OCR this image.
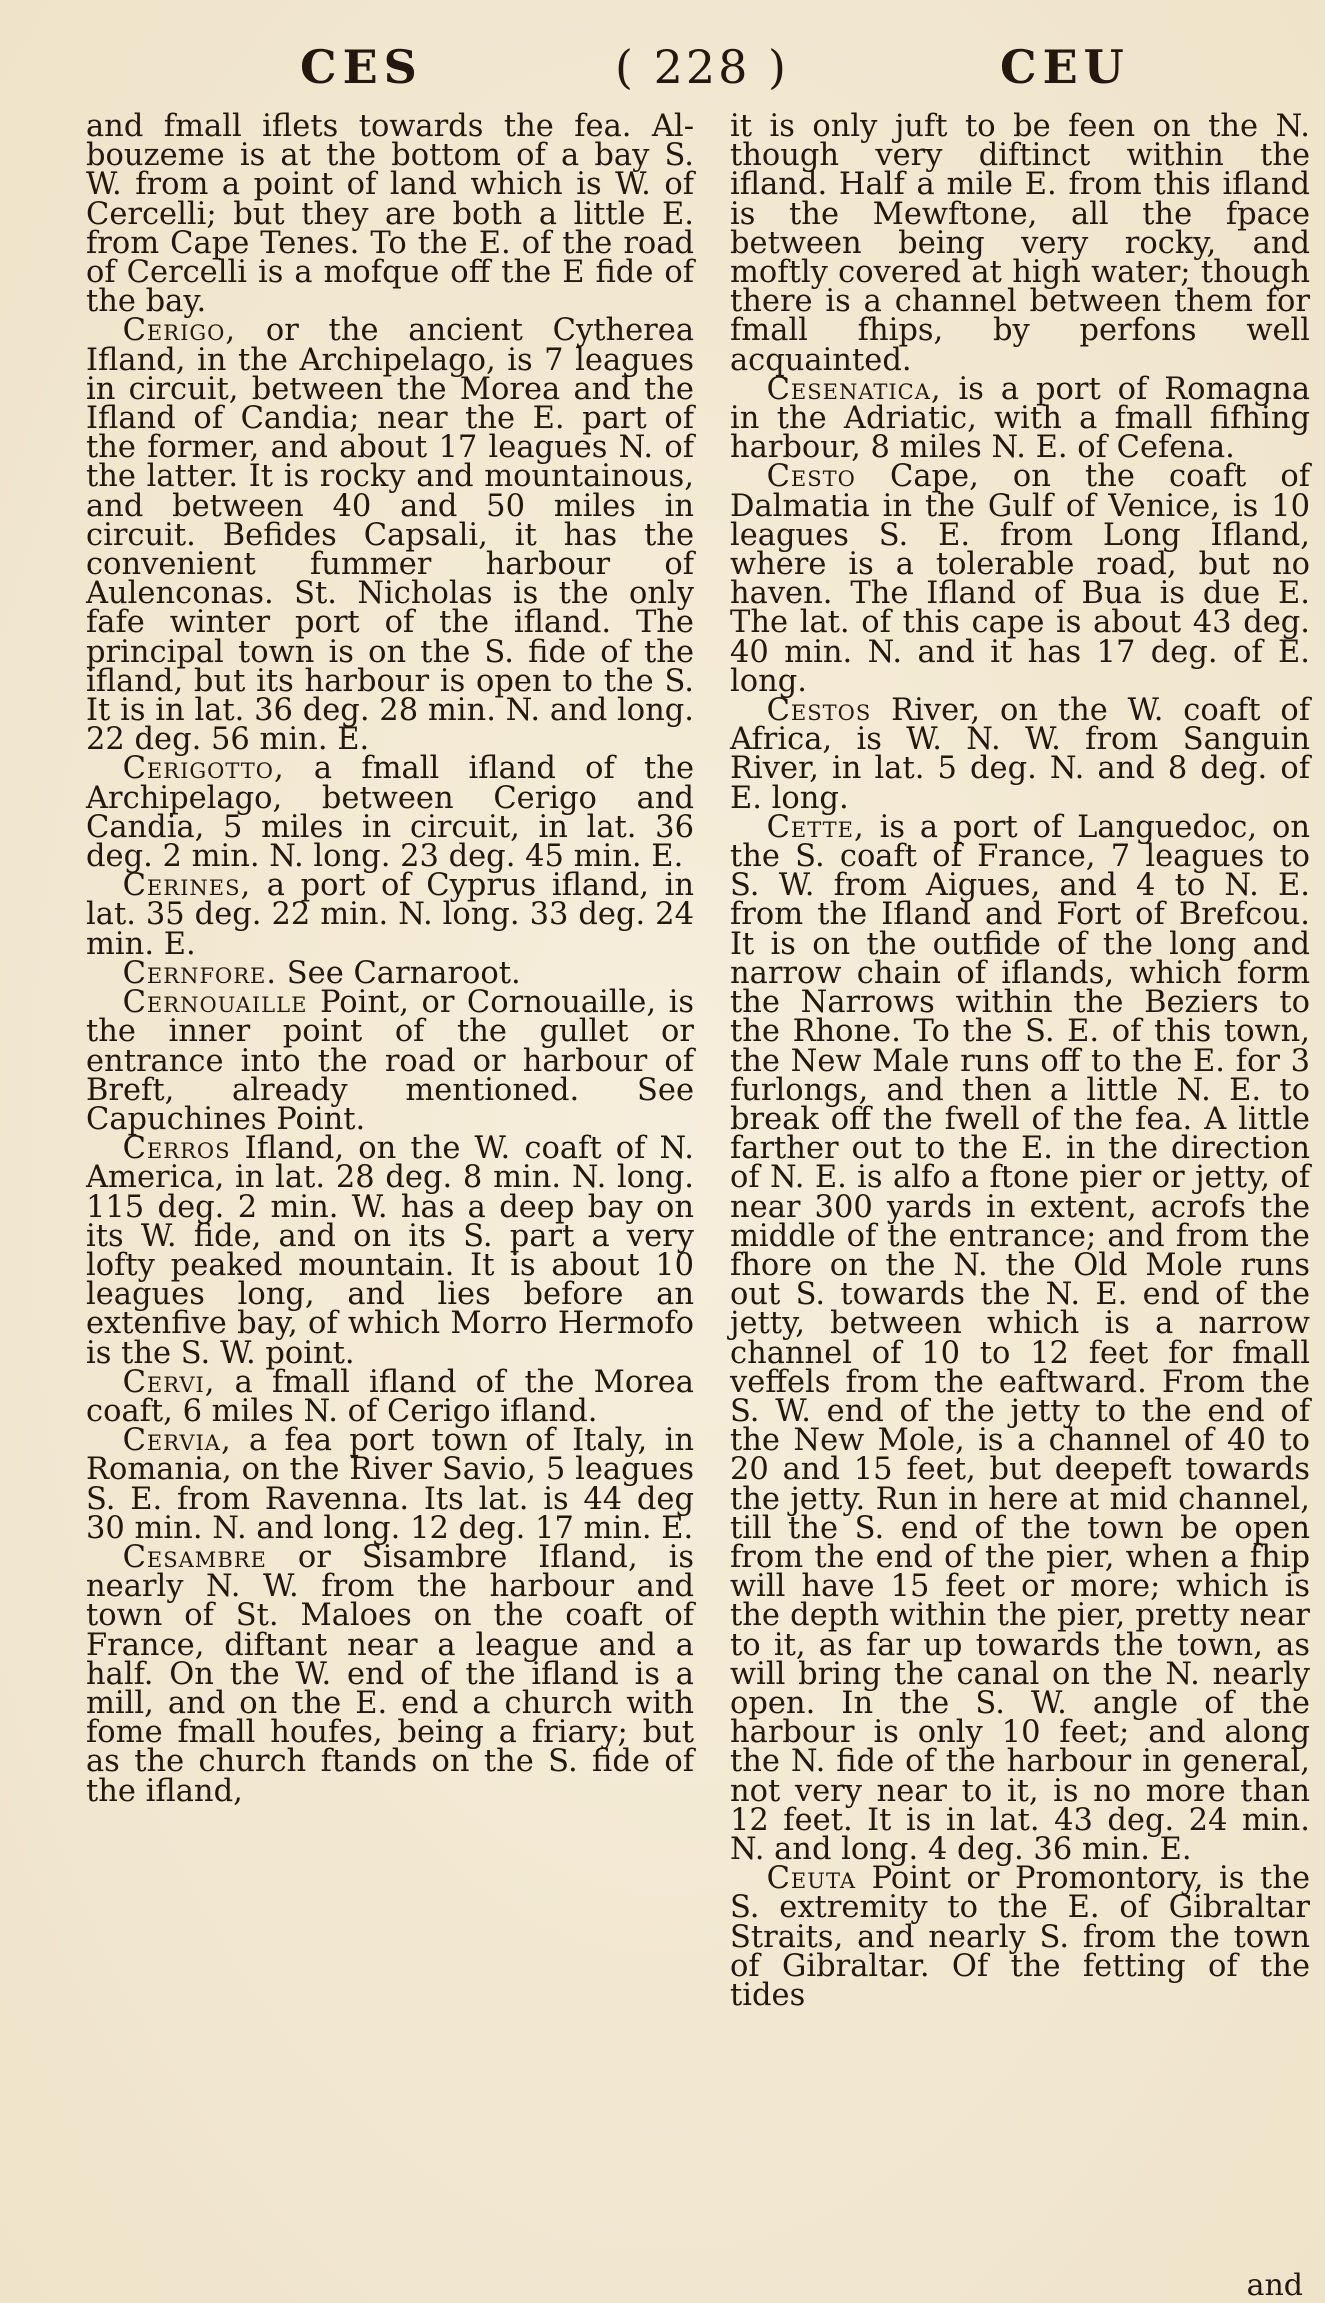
CES	( 228 )	CEU

and fmall iflets towards the fea. Al- bouzeme is at the bottom of a bay S. W. from a point of land which is W. of Cercelli; but they are both a little E. from Cape Tenes. To the E. of the road of Cercelli is a mofque off the E fide of the bay.

Cerigo, or the ancient Cytherea Ifland, in the Archipelago, is 7 leagues in circuit, between the Morea and the Ifland of Candia; near the E. part of the former, and about 17 leagues N. of the latter. It is rocky and mountainous, and between 40 and 50 miles in circuit. Befides Capsali, it has the convenient fummer harbour of Aulenconas. St. Nicholas is the only fafe winter port of the ifland. The principal town is on the S. fide of the ifland, but its harbour is open to the S. It is in lat. 36 deg. 28 min. N. and long. 22 deg. 56 min. E.

Cerigotto, a fmall ifland of the Archipelago, between Cerigo and Candia, 5 miles in circuit, in lat. 36 deg. 2 min. N. long. 23 deg. 45 min. E.

Cerines, a port of Cyprus ifland, in lat. 35 deg. 22 min. N. long. 33 deg. 24 min. E.

Cernfore. See Carnaroot.

Cernouaille Point, or Cornouaille, is the inner point of the gullet or entrance into the road or harbour of Breft, already mentioned. See Capuchines Point.

Cerros Ifland, on the W. coaft of N. America, in lat. 28 deg. 8 min. N. long. 115 deg. 2 min. W. has a deep bay on its W. fide, and on its S. part a very lofty peaked mountain. It is about 10 leagues long, and lies before an extenfive bay, of which Morro Hermofo is the S. W. point.

Cervi, a fmall ifland of the Morea coaft, 6 miles N. of Cerigo ifland.

Cervia, a fea port town of Italy, in Romania, on the River Savio, 5 leagues S. E. from Ravenna. Its lat. is 44 deg 30 min. N. and long. 12 deg. 17 min. E.

Cesambre or Sisambre Ifland, is nearly N. W. from the harbour and town of St. Maloes on the coaft of France, diftant near a league and a half. On the W. end of the ifland is a mill, and on the E. end a church with fome fmall houfes, being a friary; but as the church ftands on the S. fide of the ifland,

it is only juft to be feen on the N. though very diftinct within the ifland. Half a mile E. from this ifland is the Mewftone, all the fpace between being very rocky, and moftly covered at high water; though there is a channel between them for fmall fhips, by perfons well acquainted.

Cesenatica, is a port of Romagna in the Adriatic, with a fmall fifhing harbour, 8 miles N. E. of Cefena.

Cesto Cape, on the coaft of Dalmatia in the Gulf of Venice, is 10 leagues S. E. from Long Ifland, where is a tolerable road, but no haven. The Ifland of Bua is due E. The lat. of this cape is about 43 deg. 40 min. N. and it has 17 deg. of E. long.

Cestos River, on the W. coaft of Africa, is W. N. W. from Sanguin River, in lat. 5 deg. N. and 8 deg. of E. long.

Cette, is a port of Languedoc, on the S. coaft of France, 7 leagues to S. W. from Aigues, and 4 to N. E. from the Ifland and Fort of Brefcou. It is on the outfide of the long and narrow chain of iflands, which form the Narrows within the Beziers to the Rhone. To the S. E. of this town, the New Male runs off to the E. for 3 furlongs, and then a little N. E. to break off the fwell of the fea. A little farther out to the E. in the direction of N. E. is alfo a ftone pier or jetty, of near 300 yards in extent, acrofs the middle of the entrance; and from the fhore on the N. the Old Mole runs out S. towards the N. E. end of the jetty, between which is a narrow channel of 10 to 12 feet for fmall veffels from the eaftward. From the S. W. end of the jetty to the end of the New Mole, is a channel of 40 to 20 and 15 feet, but deepeft towards the jetty. Run in here at mid channel, till the S. end of the town be open from the end of the pier, when a fhip will have 15 feet or more; which is the depth within the pier, pretty near to it, as far up towards the town, as will bring the canal on the N. nearly open. In the S. W. angle of the harbour is only 10 feet; and along the N. fide of the harbour in general, not very near to it, is no more than 12 feet. It is in lat. 43 deg. 24 min. N. and long. 4 deg. 36 min. E.

Ceuta Point or Promontory, is the S. extremity to the E. of Gibraltar Straits, and nearly S. from the town of Gibraltar. Of the fetting of the tides

and
